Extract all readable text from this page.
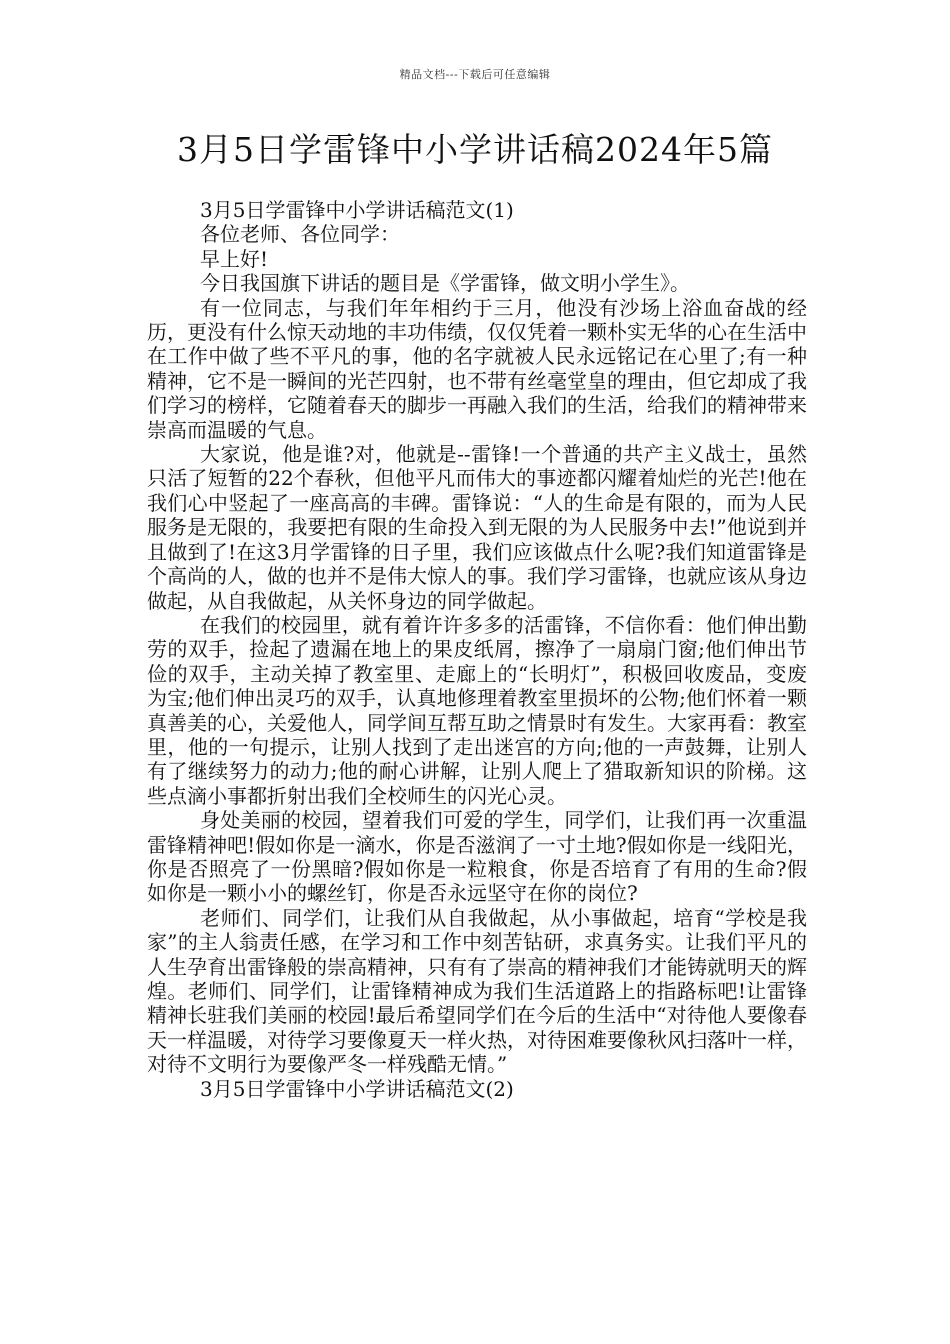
精品文档---下载后可任意编辑
3月5日学雷锋中小学讲话稿2024年5篇

3月5日学雷锋中小学讲话稿范文(1)

各位老师、各位同学：

早上好!

今日我国旗下讲话的题目是《学雷锋，做文明小学生》。

有一位同志，与我们年年相约于三月，他没有沙场上浴血奋战的经历，更没有什么惊天动地的丰功伟绩，仅仅凭着一颗朴实无华的心在生活中在工作中做了些不平凡的事，他的名字就被人民永远铭记在心里了;有一种精神，它不是一瞬间的光芒四射，也不带有丝毫堂皇的理由，但它却成了我们学习的榜样，它随着春天的脚步一再融入我们的生活，给我们的精神带来崇高而温暖的气息。

大家说，他是谁?对，他就是--雷锋!一个普通的共产主义战士，虽然只活了短暂的22个春秋，但他平凡而伟大的事迹都闪耀着灿烂的光芒!他在我们心中竖起了一座高高的丰碑。雷锋说：“人的生命是有限的，而为人民服务是无限的，我要把有限的生命投入到无限的为人民服务中去!”他说到并且做到了!在这3月学雷锋的日子里，我们应该做点什么呢?我们知道雷锋是个高尚的人，做的也并不是伟大惊人的事。我们学习雷锋，也就应该从身边做起，从自我做起，从关怀身边的同学做起。

在我们的校园里，就有着许许多多的活雷锋，不信你看：他们伸出勤劳的双手，捡起了遗漏在地上的果皮纸屑，擦净了一扇扇门窗;他们伸出节俭的双手，主动关掉了教室里、走廊上的“长明灯”，积极回收废品，变废为宝;他们伸出灵巧的双手，认真地修理着教室里损坏的公物;他们怀着一颗真善美的心，关爱他人，同学间互帮互助之情景时有发生。大家再看：教室里，他的一句提示，让别人找到了走出迷宫的方向;他的一声鼓舞，让别人有了继续努力的动力;他的耐心讲解，让别人爬上了猎取新知识的阶梯。这些点滴小事都折射出我们全校师生的闪光心灵。

身处美丽的校园，望着我们可爱的学生，同学们，让我们再一次重温雷锋精神吧!假如你是一滴水，你是否滋润了一寸土地?假如你是一线阳光，你是否照亮了一份黑暗?假如你是一粒粮食，你是否培育了有用的生命?假如你是一颗小小的螺丝钉，你是否永远坚守在你的岗位?

老师们、同学们，让我们从自我做起，从小事做起，培育“学校是我家”的主人翁责任感，在学习和工作中刻苦钻研，求真务实。让我们平凡的人生孕育出雷锋般的崇高精神，只有有了崇高的精神我们才能铸就明天的辉煌。老师们、同学们，让雷锋精神成为我们生活道路上的指路标吧!让雷锋精神长驻我们美丽的校园!最后希望同学们在今后的生活中“对待他人要像春天一样温暖，对待学习要像夏天一样火热，对待困难要像秋风扫落叶一样，对待不文明行为要像严冬一样残酷无情。”

3月5日学雷锋中小学讲话稿范文(2)
